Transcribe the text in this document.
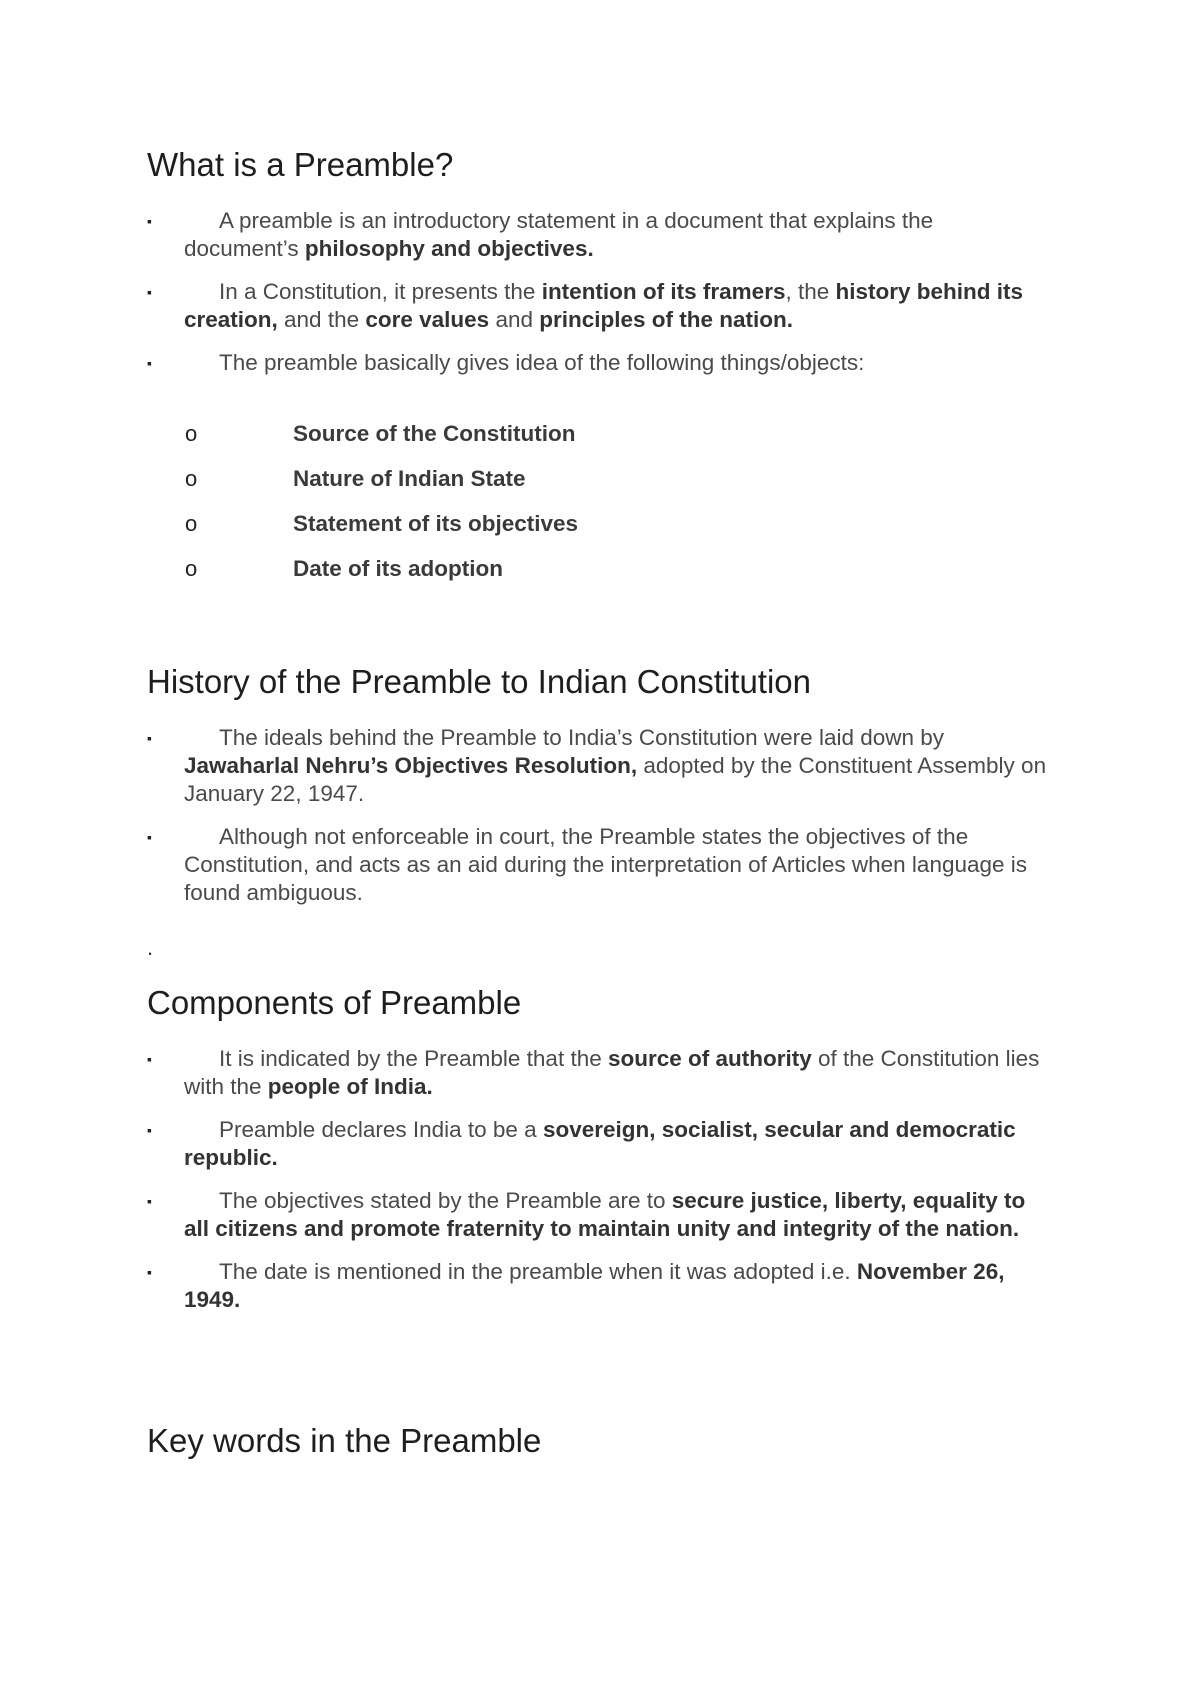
What is a Preamble?
▪	A preamble is an introductory statement in a document that explains the document’s philosophy and objectives.
▪	In a Constitution, it presents the intention of its framers, the history behind its creation, and the core values and principles of the nation.
▪	The preamble basically gives idea of the following things/objects:
o	Source of the Constitution
o	Nature of Indian State
o	Statement of its objectives
o	Date of its adoption
History of the Preamble to Indian Constitution
▪	The ideals behind the Preamble to India’s Constitution were laid down by Jawaharlal Nehru’s Objectives Resolution, adopted by the Constituent Assembly on January 22, 1947.
▪	Although not enforceable in court, the Preamble states the objectives of the Constitution, and acts as an aid during the interpretation of Articles when language is found ambiguous.
.
Components of Preamble
▪	It is indicated by the Preamble that the source of authority of the Constitution lies with the people of India.
▪	Preamble declares India to be a sovereign, socialist, secular and democratic republic.
▪	The objectives stated by the Preamble are to secure justice, liberty, equality to all citizens and promote fraternity to maintain unity and integrity of the nation.
▪	The date is mentioned in the preamble when it was adopted i.e. November 26, 1949.
Key words in the Preamble
